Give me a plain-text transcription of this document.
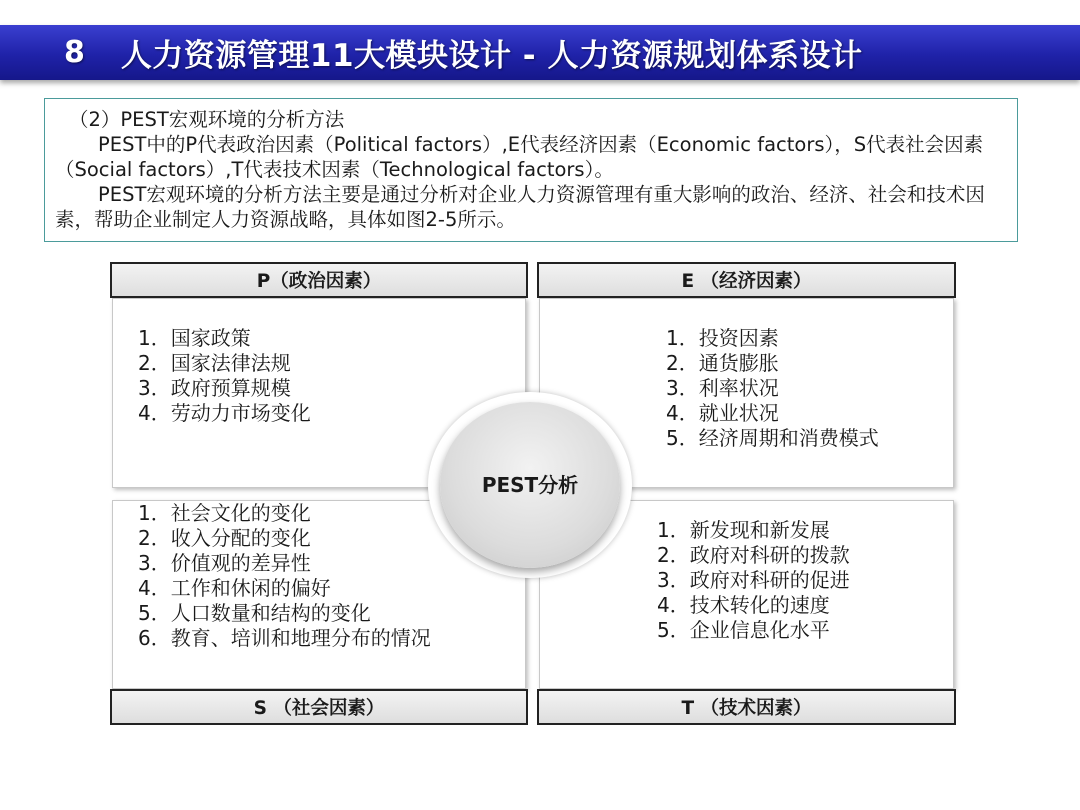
8 人力资源管理11大模块设计 - 人力资源规划体系设计

（2）PEST宏观环境的分析方法

PEST中的P代表政治因素（Political factors）,E代表经济因素（Economic factors），S代表社会因素（Social factors）,T代表技术因素（Technological factors）。

PEST宏观环境的分析方法主要是通过分析对企业人力资源管理有重大影响的政治、经济、社会和技术因素，帮助企业制定人力资源战略，具体如图2-5所示。

P（政治因素）	E （经济因素）
S （社会因素）	T （技术因素）
1．国家政策
2．国家法律法规
3．政府预算规模
4．劳动力市场变化
1．投资因素
2．通货膨胀
3．利率状况
4．就业状况
5．经济周期和消费模式
1．社会文化的变化
2．收入分配的变化
3．价值观的差异性
4．工作和休闲的偏好
5．人口数量和结构的变化
6．教育、培训和地理分布的情况
1．新发现和新发展
2．政府对科研的拨款
3．政府对科研的促进
4．技术转化的速度
5．企业信息化水平
PEST分析
